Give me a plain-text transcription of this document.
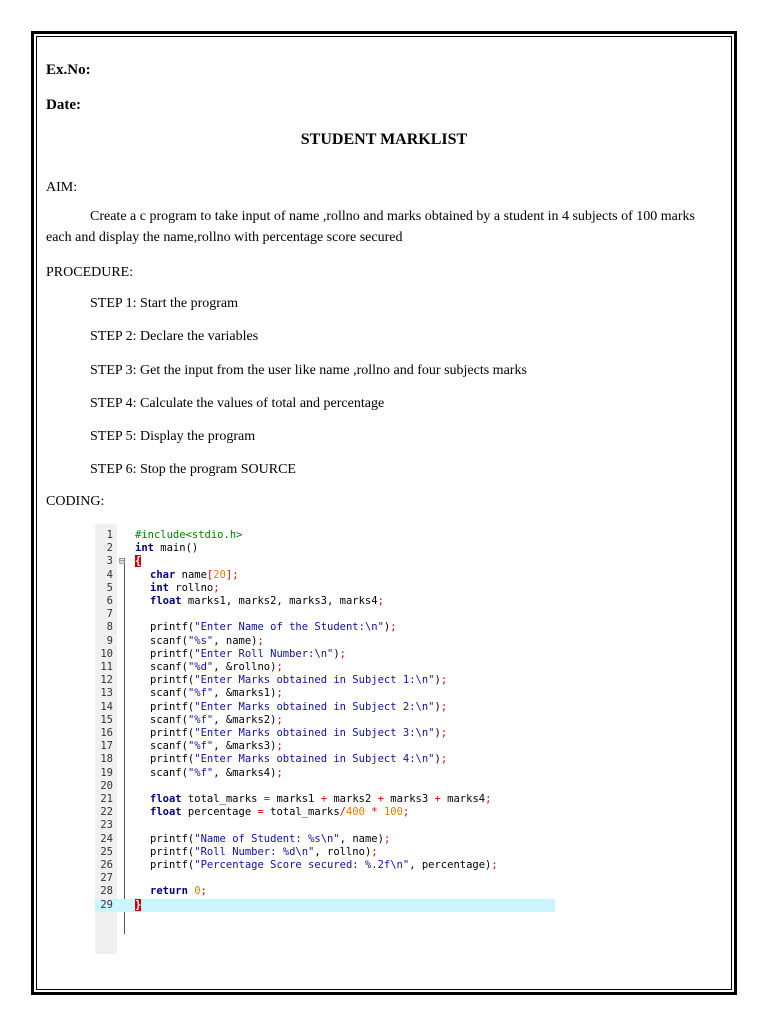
Ex.No:
Date:
STUDENT MARKLIST
AIM:
Create a c program to take input of name ,rollno and marks obtained by a student in 4 subjects of 100 marks each and display the name,rollno with percentage score secured
PROCEDURE:
STEP 1: Start the program
STEP 2: Declare the variables
STEP 3: Get the input from the user like name ,rollno and four subjects marks
STEP 4: Calculate the values of total and percentage
STEP 5: Display the program
STEP 6: Stop the program SOURCE
CODING:
1 #include<stdio.h>
2 int main()
3 ⊟ {
4	char name[20];
5	int rollno;
6	float marks1, marks2, marks3, marks4;
7
8	printf("Enter Name of the Student:\n");
9	scanf("%s", name);
10	printf("Enter Roll Number:\n");
11	scanf("%d", &rollno);
12	printf("Enter Marks obtained in Subject 1:\n");
13	scanf("%f", &marks1);
14	printf("Enter Marks obtained in Subject 2:\n");
15	scanf("%f", &marks2);
16	printf("Enter Marks obtained in Subject 3:\n");
17	scanf("%f", &marks3);
18	printf("Enter Marks obtained in Subject 4:\n");
19	scanf("%f", &marks4);
20
21	float total_marks = marks1 + marks2 + marks3 + marks4;
22	float percentage = total_marks/400 * 100;
23
24	printf("Name of Student: %s\n", name);
25	printf("Roll Number: %d\n", rollno);
26	printf("Percentage Score secured: %.2f\n", percentage);
27
28	return 0;
29 }
